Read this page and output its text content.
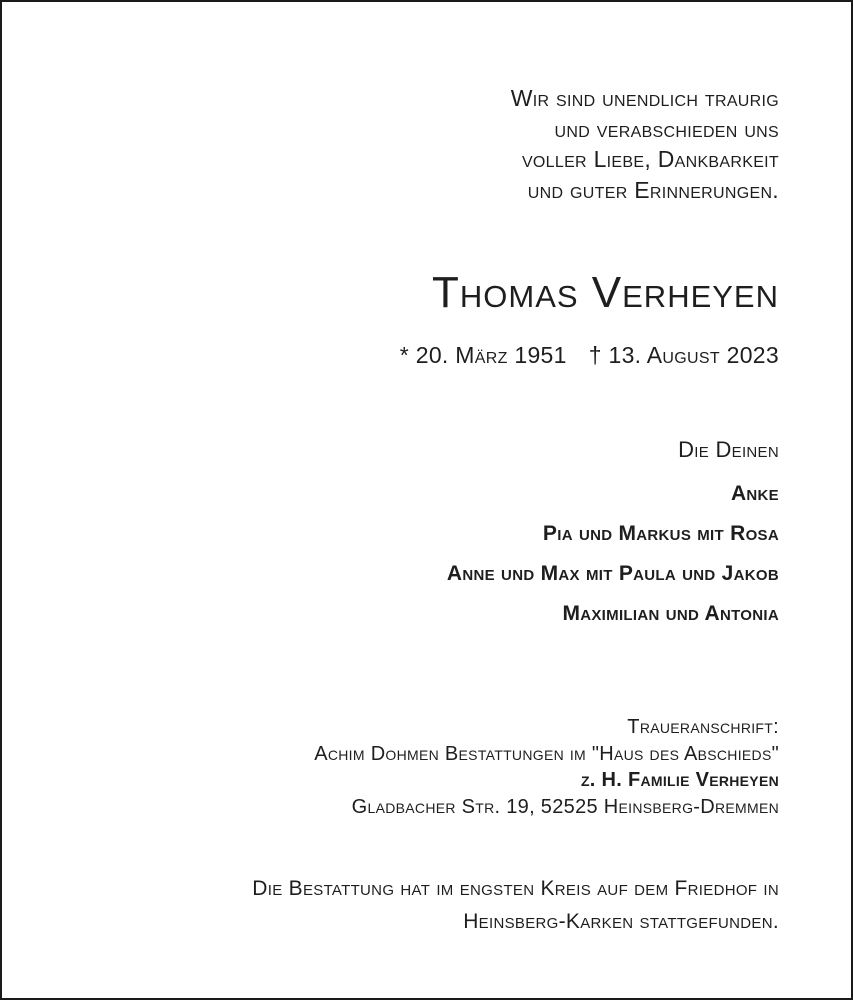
Wir sind unendlich traurig
und verabschieden uns
voller Liebe, Dankbarkeit
und guter Erinnerungen.
Thomas Verheyen
* 20. März 1951 † 13. August 2023
Die Deinen
Anke
Pia und Markus mit Rosa
Anne und Max mit Paula und Jakob
Maximilian und Antonia
Traueranschrift:
Achim Dohmen Bestattungen im "Haus des Abschieds"
z. H. Familie Verheyen
Gladbacher Str. 19, 52525 Heinsberg-Dremmen
Die Bestattung hat im engsten Kreis auf dem Friedhof in
Heinsberg-Karken stattgefunden.
